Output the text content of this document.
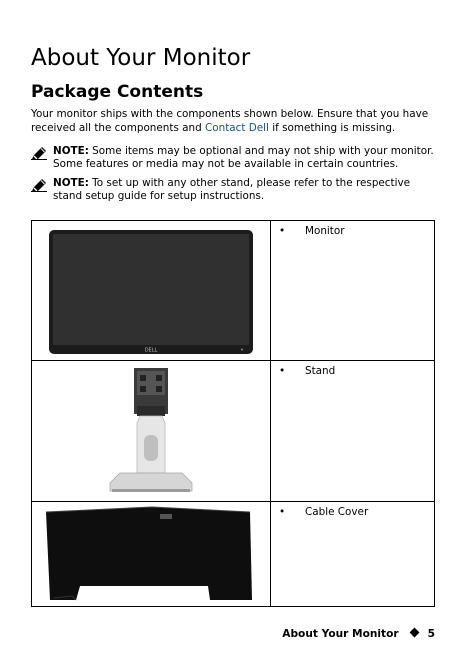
About Your Monitor
Package Contents
Your monitor ships with the components shown below. Ensure that you have received all the components and Contact Dell if something is missing.
NOTE: Some items may be optional and may not ship with your monitor. Some features or media may not be available in certain countries.
NOTE: To set up with any other stand, please refer to the respective stand setup guide for setup instructions.
DELL	• Monitor

• Stand

• Cable Cover
About Your Monitor	5
